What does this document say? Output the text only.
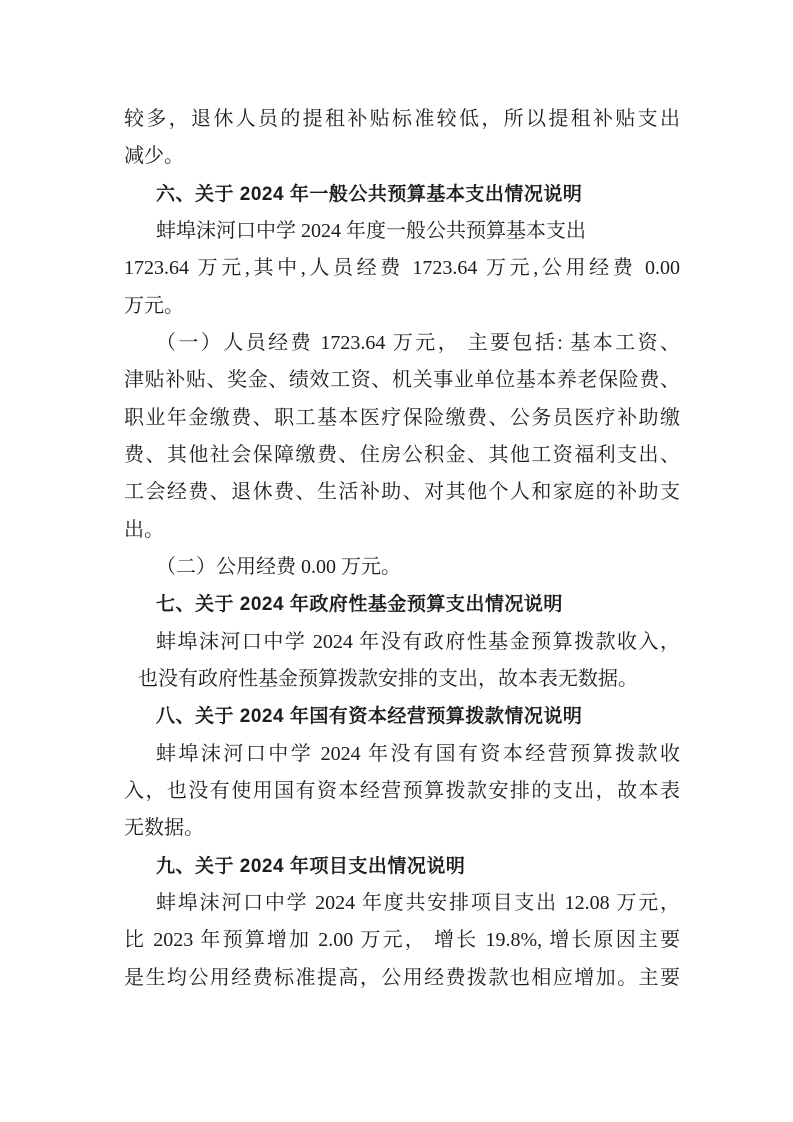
较多，退休人员的提租补贴标准较低，所以提租补贴支出
减少。
六、关于 2024 年一般公共预算基本支出情况说明
蚌埠沫河口中学 2024 年度一般公共预算基本支出
1723.64 万元,其中,人员经费 1723.64 万元,公用经费 0.00
万元。
（一）人员经费 1723.64 万元， 主要包括: 基本工资、
津贴补贴、奖金、绩效工资、机关事业单位基本养老保险费、
职业年金缴费、职工基本医疗保险缴费、公务员医疗补助缴
费、其他社会保障缴费、住房公积金、其他工资福利支出、
工会经费、退休费、生活补助、对其他个人和家庭的补助支
出。
（二）公用经费 0.00 万元。
七、关于 2024 年政府性基金预算支出情况说明
蚌埠沫河口中学 2024 年没有政府性基金预算拨款收入，
也没有政府性基金预算拨款安排的支出，故本表无数据。
八、关于 2024 年国有资本经营预算拨款情况说明
蚌埠沫河口中学 2024 年没有国有资本经营预算拨款收
入，也没有使用国有资本经营预算拨款安排的支出，故本表
无数据。
九、关于 2024 年项目支出情况说明
蚌埠沫河口中学 2024 年度共安排项目支出 12.08 万元，
比 2023 年预算增加 2.00 万元， 增长 19.8%, 增长原因主要
是生均公用经费标准提高，公用经费拨款也相应增加。主要
